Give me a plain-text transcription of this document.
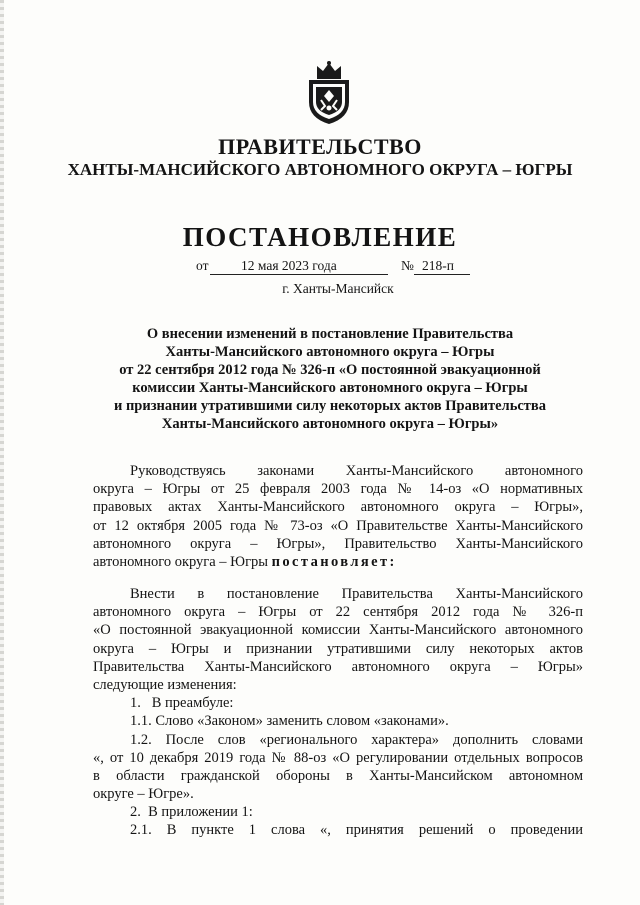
ПРАВИТЕЛЬСТВО
ХАНТЫ-МАНСИЙСКОГО АВТОНОМНОГО ОКРУГА – ЮГРЫ
ПОСТАНОВЛЕНИЕ
от 12 мая 2023 года	№ 218-п
г. Ханты-Мансийск
О внесении изменений в постановление Правительства
Ханты-Мансийского автономного округа – Югры
от 22 сентября 2012 года № 326-п «О постоянной эвакуационной
комиссии Ханты-Мансийского автономного округа – Югры
и признании утратившими силу некоторых актов Правительства
Ханты-Мансийского автономного округа – Югры»
Руководствуясь законами Ханты-Мансийского автономного
округа – Югры от 25 февраля 2003 года № 14-оз «О нормативных
правовых актах Ханты-Мансийского автономного округа – Югры»,
от 12 октября 2005 года № 73-оз «О Правительстве Ханты-Мансийского
автономного округа – Югры», Правительство Ханты-Мансийского
автономного округа – Югры постановляет:
Внести в постановление Правительства Ханты-Мансийского
автономного округа – Югры от 22 сентября 2012 года № 326-п
«О постоянной эвакуационной комиссии Ханты-Мансийского автономного
округа – Югры и признании утратившими силу некоторых актов
Правительства Ханты-Мансийского автономного округа – Югры»
следующие изменения:
1.   В преамбуле:
1.1. Слово «Законом» заменить словом «законами».
1.2. После слов «регионального характера» дополнить словами
«, от 10 декабря 2019 года № 88-оз «О регулировании отдельных вопросов
в области гражданской обороны в Ханты-Мансийском автономном
округе – Югре».
2.  В приложении 1:
2.1. В пункте 1 слова «, принятия решений о проведении
